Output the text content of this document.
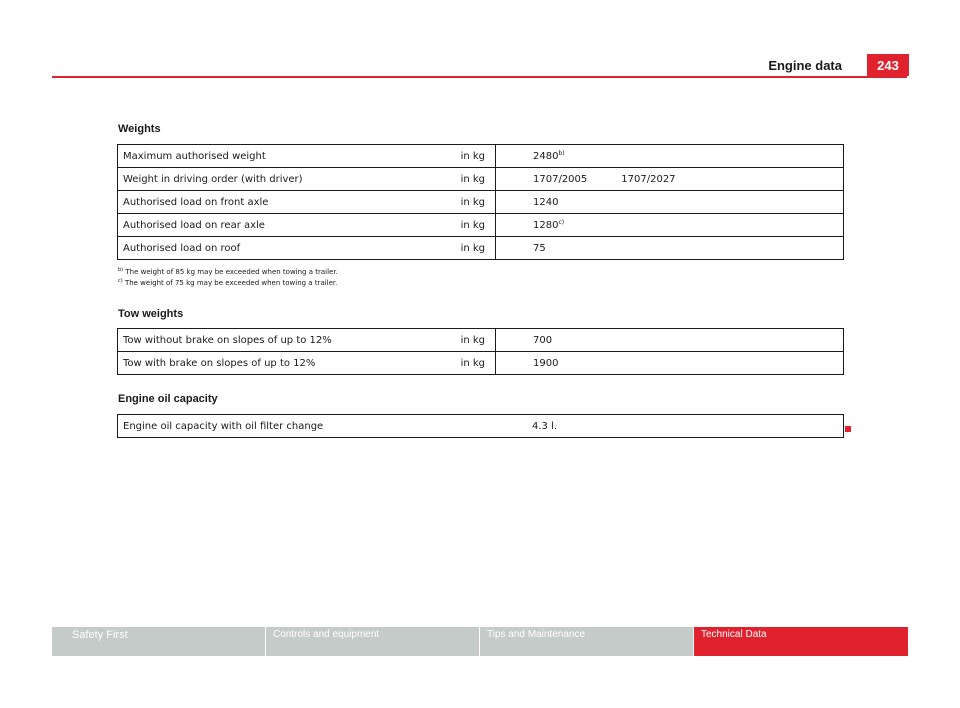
Engine data	243
Weights
Maximum authorised weight	in kg	2480$^{b)}$
Weight in driving order (with driver)	in kg	1707/2005 1707/2027
Authorised load on front axle	in kg	1240
Authorised load on rear axle	in kg	1280$^{c)}$
Authorised load on roof	in kg	75
$^{b)}$ The weight of 85 kg may be exceeded when towing a trailer.
$^{c)}$ The weight of 75 kg may be exceeded when towing a trailer.
Tow weights
Tow without brake on slopes of up to 12%	in kg	700
Tow with brake on slopes of up to 12%	in kg	1900
Engine oil capacity
Engine oil capacity with oil filter change	4.3 l.
Safety First	Controls and equipment	Tips and Maintenance	Technical Data
